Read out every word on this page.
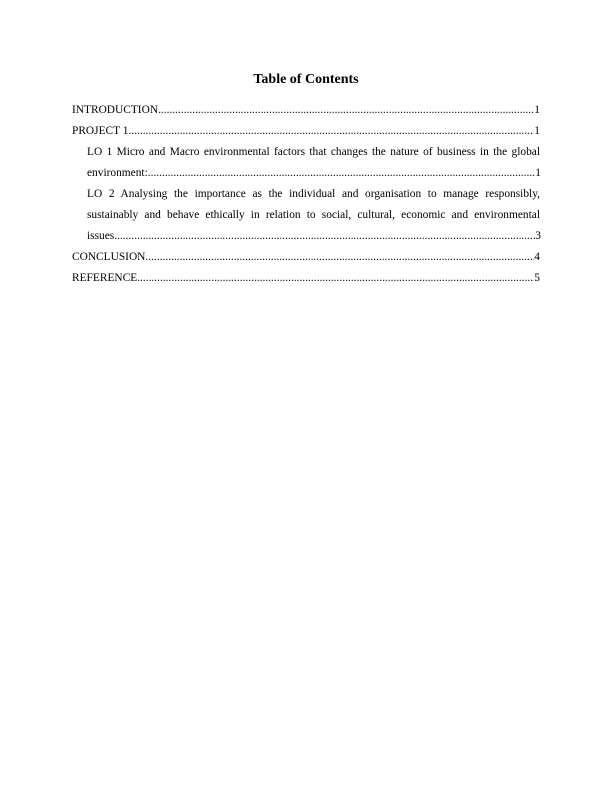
Table of Contents
INTRODUCTION .....	1
PROJECT 1 .....	1
LO 1 Micro and Macro environmental factors that changes the nature of business in the global
environment: .....	1
LO 2 Analysing the importance as the individual and organisation to manage responsibly,
sustainably and behave ethically in relation to social, cultural, economic and environmental
issues .....	3
CONCLUSION .....	4
REFERENCE .....	5
